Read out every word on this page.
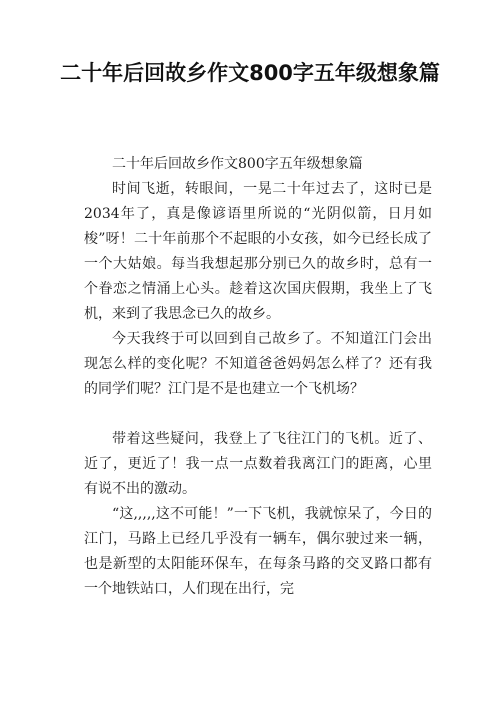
二十年后回故乡作文800字五年级想象篇

二十年后回故乡作文800字五年级想象篇

时间飞逝，转眼间，一晃二十年过去了，这时已是2034年了，真是像谚语里所说的“光阴似箭，日月如梭”呀！二十年前那个不起眼的小女孩，如今已经长成了一个大姑娘。每当我想起那分别已久的故乡时，总有一个眷恋之情涌上心头。趁着这次国庆假期，我坐上了飞机，来到了我思念已久的故乡。

今天我终于可以回到自己故乡了。不知道江门会出现怎么样的变化呢？不知道爸爸妈妈怎么样了？还有我的同学们呢？江门是不是也建立一个飞机场？

带着这些疑问，我登上了飞往江门的飞机。近了、近了，更近了！我一点一点数着我离江门的距离，心里有说不出的激动。

“这,,,,,这不可能！”一下飞机，我就惊呆了，今日的江门，马路上已经几乎没有一辆车，偶尔驶过来一辆，也是新型的太阳能环保车，在每条马路的交叉路口都有一个地铁站口，人们现在出行，完
